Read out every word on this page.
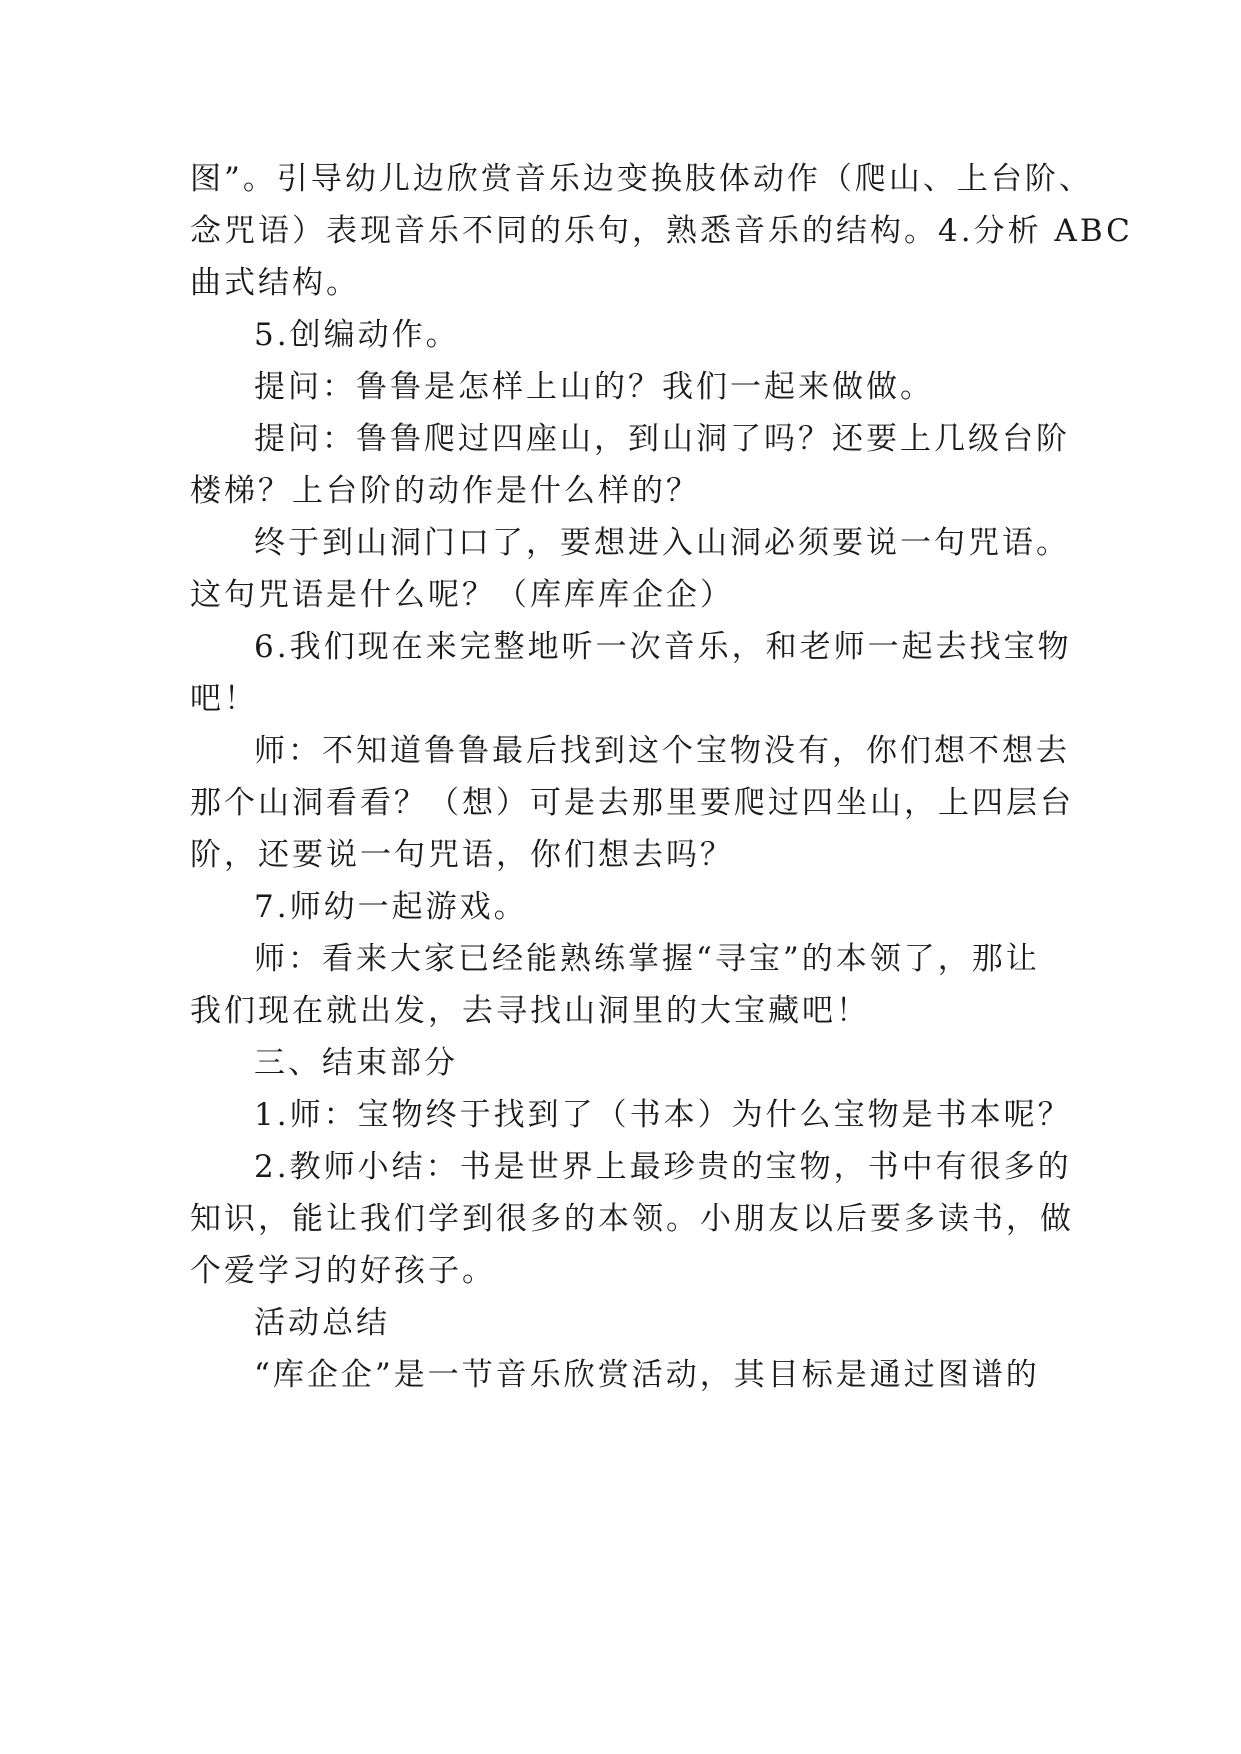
图”。引导幼儿边欣赏音乐边变换肢体动作（爬山、上台阶、
念咒语）表现音乐不同的乐句，熟悉音乐的结构。4.分析 ABC
曲式结构。
5.创编动作。
提问：鲁鲁是怎样上山的？我们一起来做做。
提问：鲁鲁爬过四座山，到山洞了吗？还要上几级台阶
楼梯？上台阶的动作是什么样的？
终于到山洞门口了，要想进入山洞必须要说一句咒语。
这句咒语是什么呢？（库库库企企）
6.我们现在来完整地听一次音乐，和老师一起去找宝物
吧！
师：不知道鲁鲁最后找到这个宝物没有，你们想不想去
那个山洞看看？（想）可是去那里要爬过四坐山，上四层台
阶，还要说一句咒语，你们想去吗？
7.师幼一起游戏。
师：看来大家已经能熟练掌握“寻宝”的本领了，那让
我们现在就出发，去寻找山洞里的大宝藏吧！
三、结束部分
1.师：宝物终于找到了（书本）为什么宝物是书本呢？
2.教师小结：书是世界上最珍贵的宝物，书中有很多的
知识，能让我们学到很多的本领。小朋友以后要多读书，做
个爱学习的好孩子。
活动总结
“库企企”是一节音乐欣赏活动，其目标是通过图谱的
